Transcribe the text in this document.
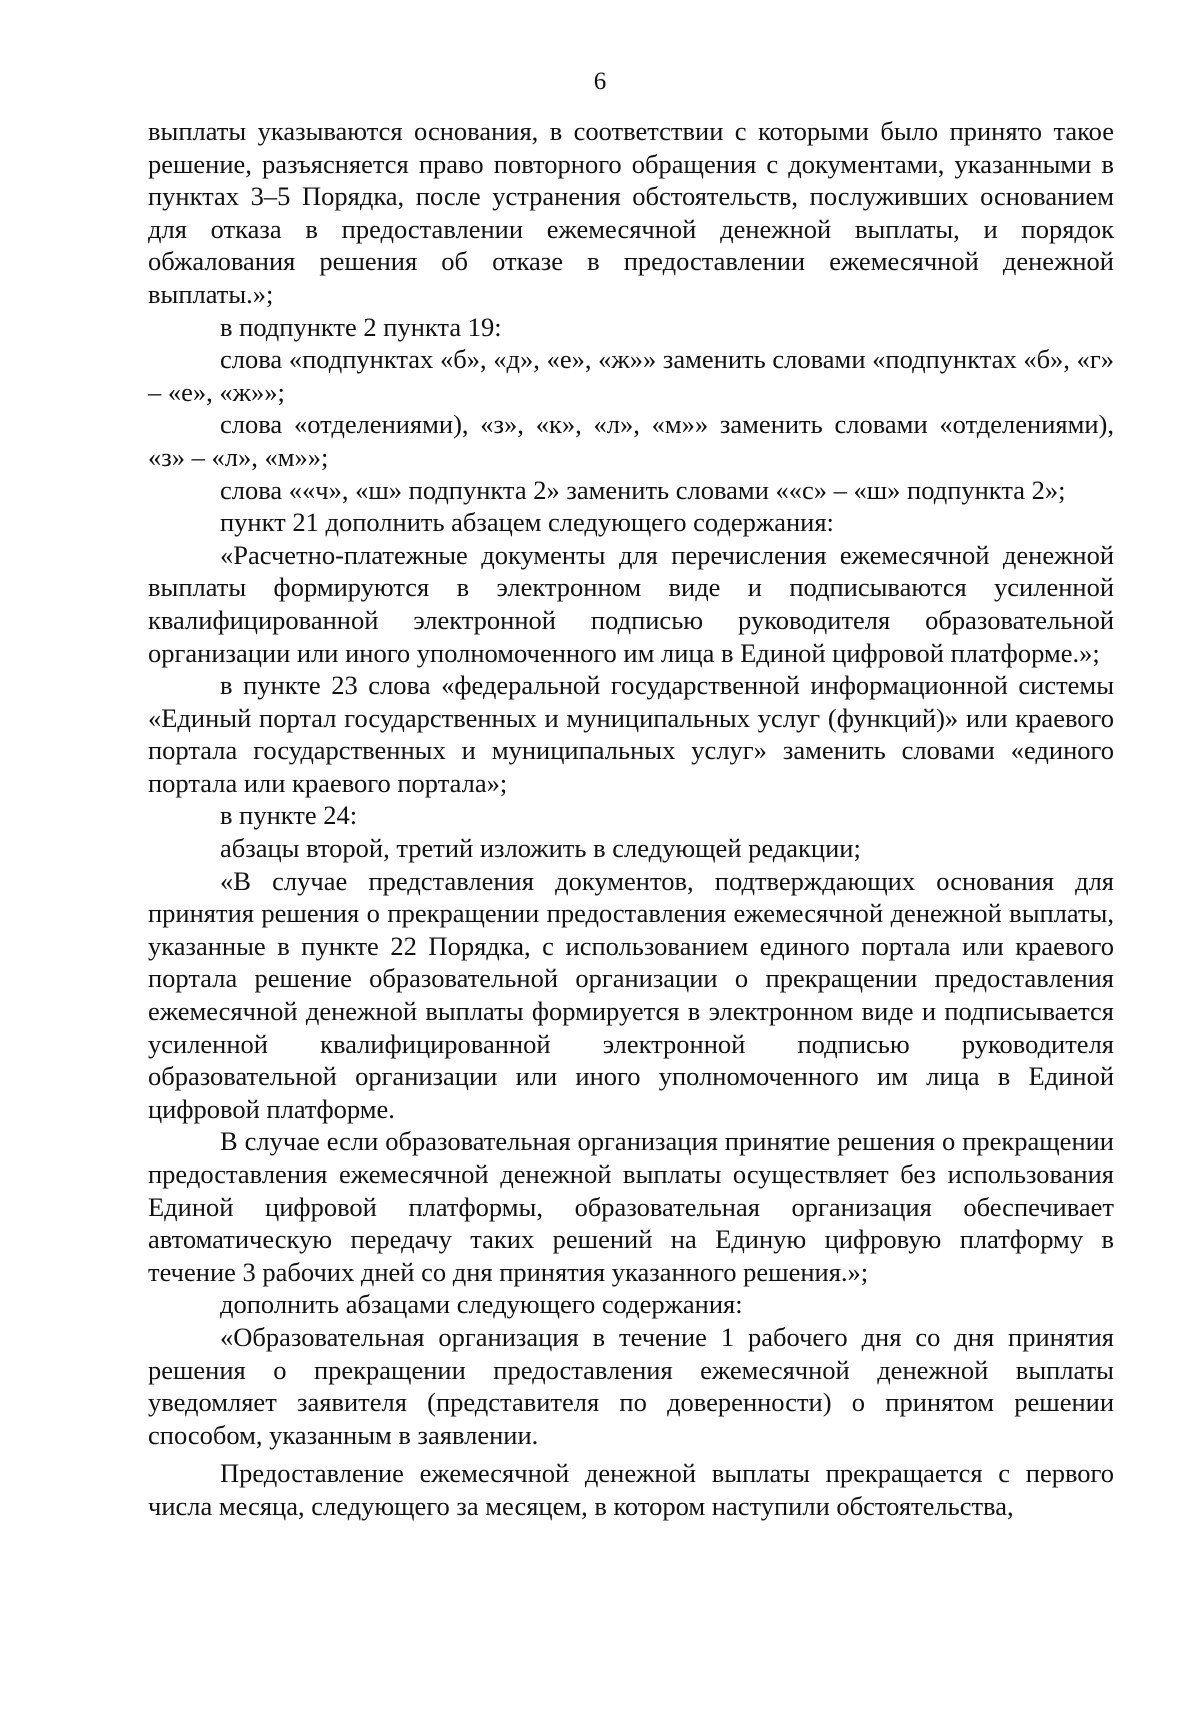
6

выплаты указываются основания, в соответствии с которыми было принято такое решение, разъясняется право повторного обращения с документами, указанными в пунктах 3–5 Порядка, после устранения обстоятельств, послуживших основанием для отказа в предоставлении ежемесячной денежной выплаты, и порядок обжалования решения об отказе в предоставлении ежемесячной денежной выплаты.»;

в подпункте 2 пункта 19:

слова «подпунктах «б», «д», «е», «ж»» заменить словами «подпунктах «б», «г» – «е», «ж»»;

слова «отделениями), «з», «к», «л», «м»» заменить словами «отделениями), «з» – «л», «м»»;

слова ««ч», «ш» подпункта 2» заменить словами ««с» – «ш» подпункта 2»;

пункт 21 дополнить абзацем следующего содержания:

«Расчетно-платежные документы для перечисления ежемесячной денежной выплаты формируются в электронном виде и подписываются усиленной квалифицированной электронной подписью руководителя образовательной организации или иного уполномоченного им лица в Единой цифровой платформе.»;

в пункте 23 слова «федеральной государственной информационной системы «Единый портал государственных и муниципальных услуг (функций)» или краевого портала государственных и муниципальных услуг» заменить словами «единого портала или краевого портала»;

в пункте 24:

абзацы второй, третий изложить в следующей редакции;

«В случае представления документов, подтверждающих основания для принятия решения о прекращении предоставления ежемесячной денежной выплаты, указанные в пункте 22 Порядка, с использованием единого портала или краевого портала решение образовательной организации о прекращении предоставления ежемесячной денежной выплаты формируется в электронном виде и подписывается усиленной квалифицированной электронной подписью руководителя образовательной организации или иного уполномоченного им лица в Единой цифровой платформе.

В случае если образовательная организация принятие решения о прекращении предоставления ежемесячной денежной выплаты осуществляет без использования Единой цифровой платформы, образовательная организация обеспечивает автоматическую передачу таких решений на Единую цифровую платформу в течение 3 рабочих дней со дня принятия указанного решения.»;

дополнить абзацами следующего содержания:

«Образовательная организация в течение 1 рабочего дня со дня принятия решения о прекращении предоставления ежемесячной денежной выплаты уведомляет заявителя (представителя по доверенности) о принятом решении способом, указанным в заявлении.

Предоставление ежемесячной денежной выплаты прекращается с первого числа месяца, следующего за месяцем, в котором наступили обстоятельства,
